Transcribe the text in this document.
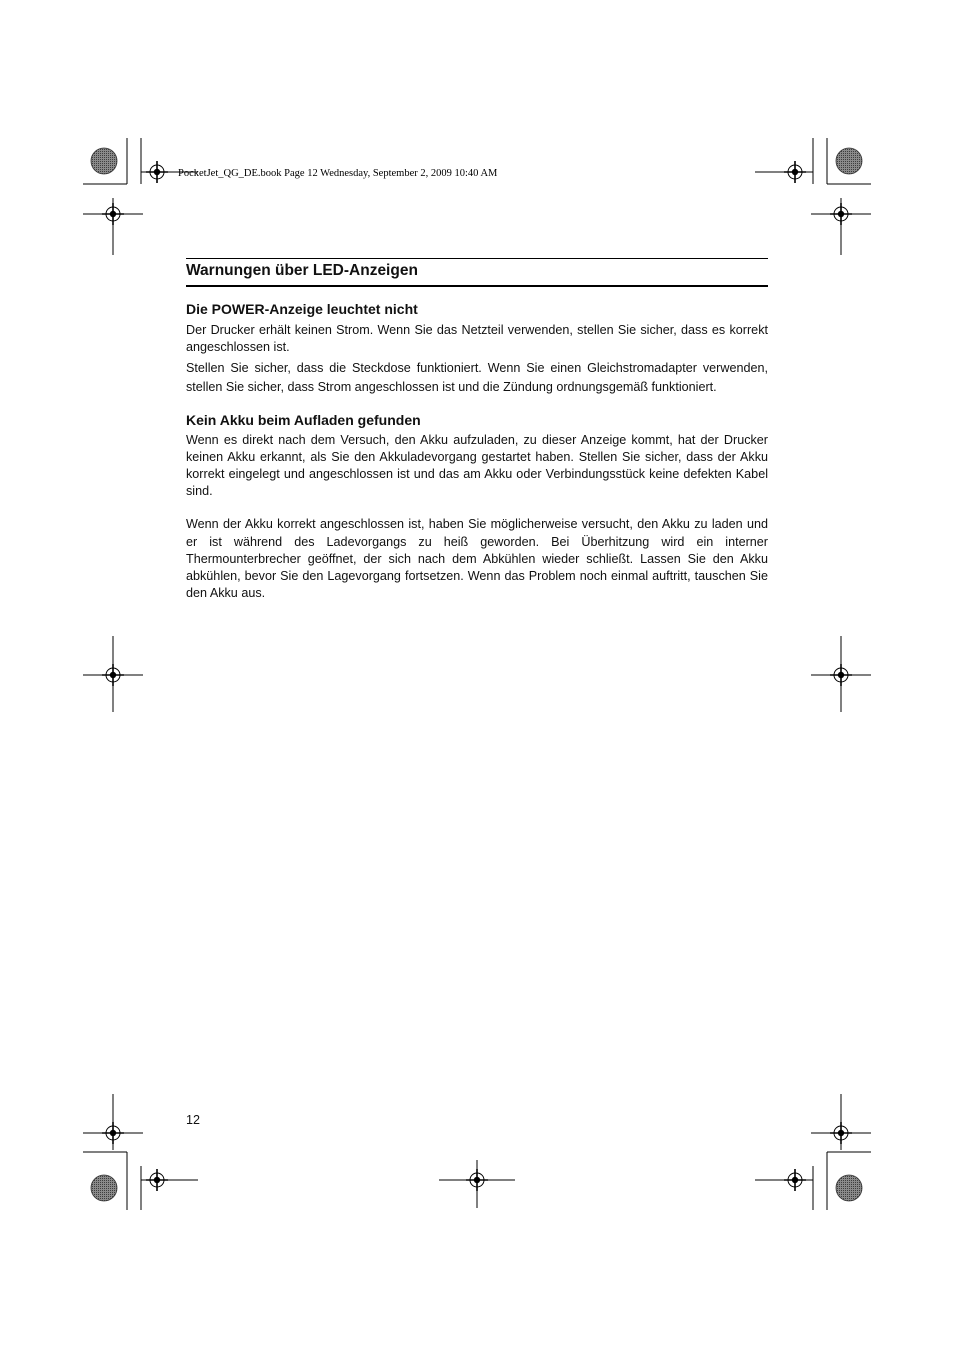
PocketJet_QG_DE.book Page 12 Wednesday, September 2, 2009 10:40 AM
Warnungen über LED-Anzeigen
Die POWER-Anzeige leuchtet nicht

Der Drucker erhält keinen Strom. Wenn Sie das Netzteil verwenden, stellen Sie sicher, dass es korrekt angeschlossen ist.

Stellen Sie sicher, dass die Steckdose funktioniert. Wenn Sie einen Gleichstromadapter verwenden, stellen Sie sicher, dass Strom angeschlossen ist und die Zündung ordnungsgemäß funktioniert.

Kein Akku beim Aufladen gefunden

Wenn es direkt nach dem Versuch, den Akku aufzuladen, zu dieser Anzeige kommt, hat der Drucker keinen Akku erkannt, als Sie den Akkuladevorgang gestartet haben. Stellen Sie sicher, dass der Akku korrekt eingelegt und angeschlossen ist und das am Akku oder Verbindungsstück keine defekten Kabel sind.

Wenn der Akku korrekt angeschlossen ist, haben Sie möglicherweise versucht, den Akku zu laden und er ist während des Ladevorgangs zu heiß geworden. Bei Überhitzung wird ein interner Thermounterbrecher geöffnet, der sich nach dem Abkühlen wieder schließt. Lassen Sie den Akku abkühlen, bevor Sie den Lagevorgang fortsetzen. Wenn das Problem noch einmal auftritt, tauschen Sie den Akku aus.

12
